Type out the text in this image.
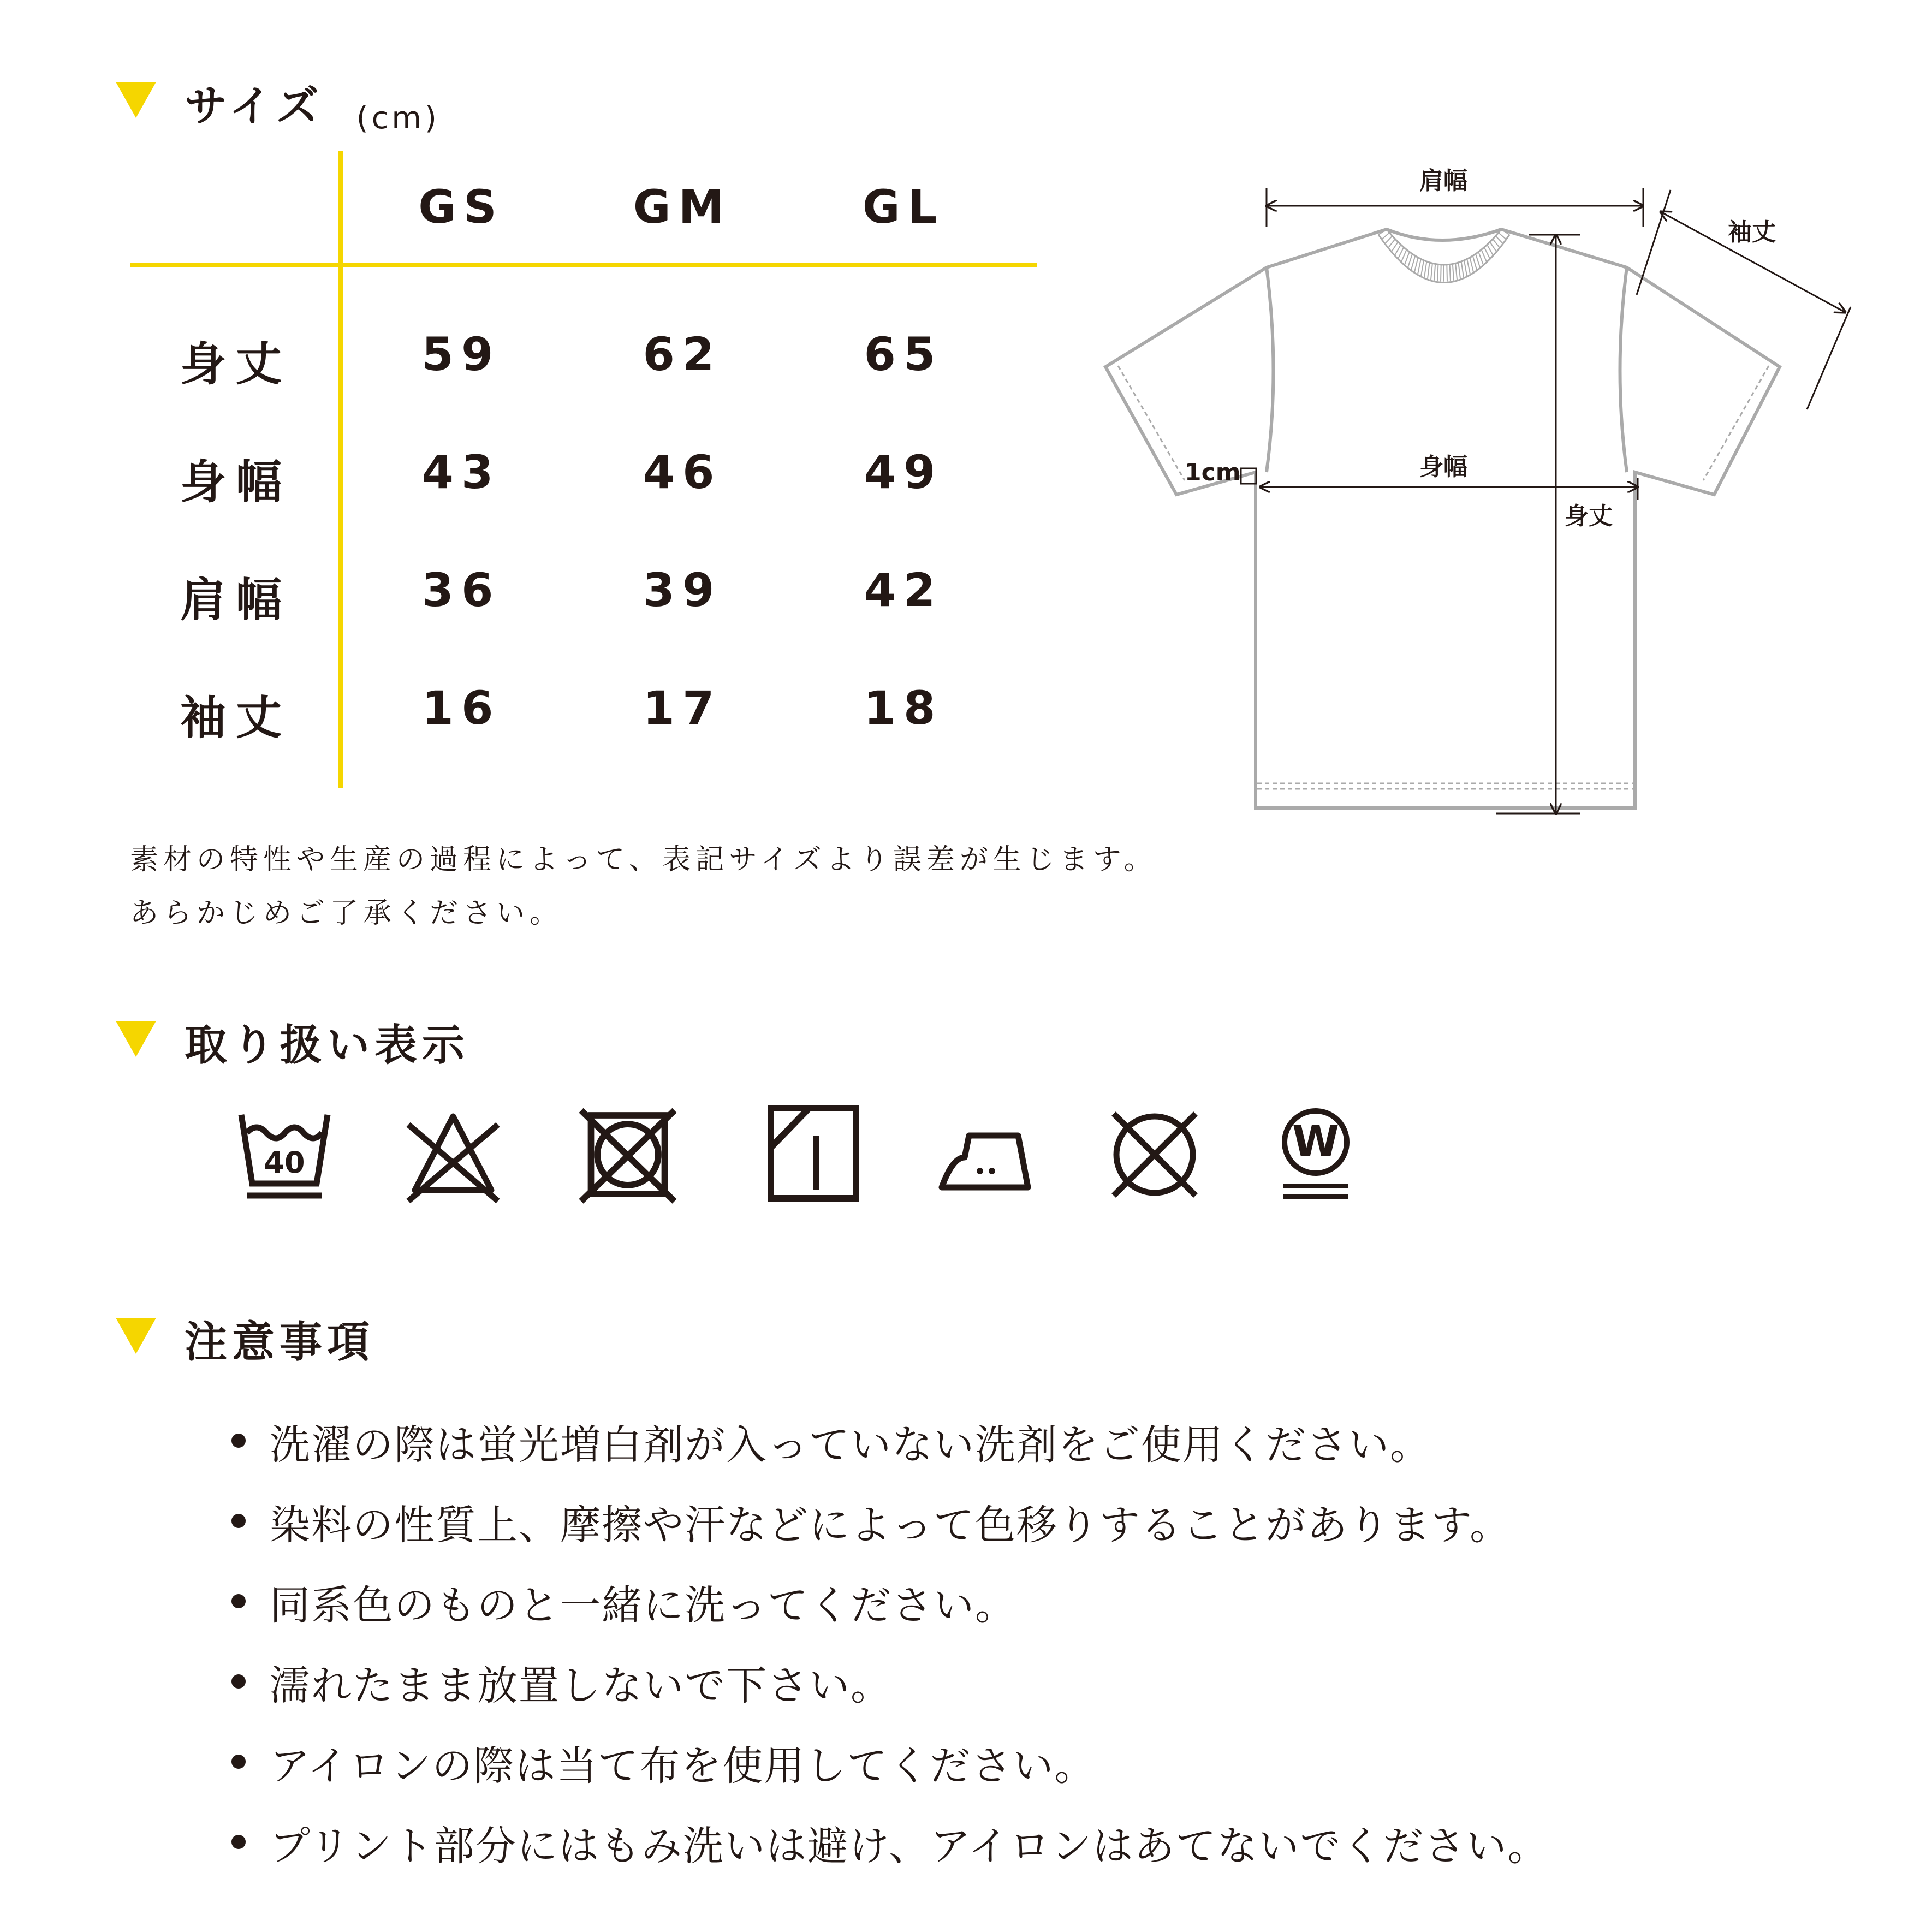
サイズ (cm)
GS	GM	GL
身丈	59	62	65
身幅	43	46	49
肩幅	36	39	42
袖丈	16	17	18
肩幅
袖丈
身幅
身丈
1cm
素材の特性や生産の過程によって、表記サイズより誤差が生じます。
あらかじめご了承ください。
取り扱い表示
40	W
注意事項
洗濯の際は蛍光増白剤が入っていない洗剤をご使用ください。
染料の性質上、摩擦や汗などによって色移りすることがあります。
同系色のものと一緒に洗ってください。
濡れたまま放置しないで下さい。
アイロンの際は当て布を使用してください。
プリント部分にはもみ洗いは避け、アイロンはあてないでください。
